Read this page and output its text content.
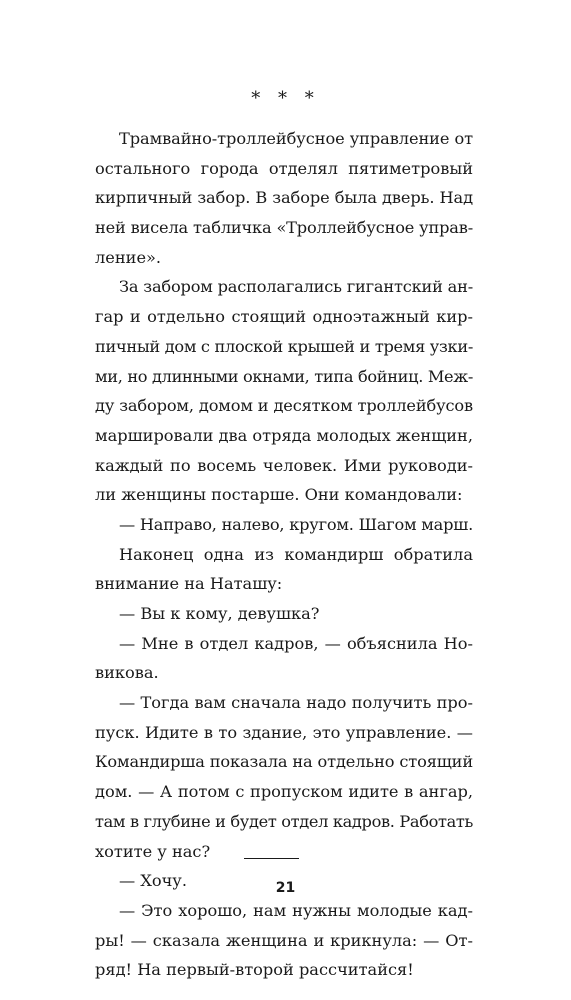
* * *
Трамвайно-троллейбусное управление от
остального города отделял пятиметровый
кирпичный забор. В заборе была дверь. Над
ней висела табличка «Троллейбусное управ-
ление».
За забором располагались гигантский ан-
гар и отдельно стоящий одноэтажный кир-
пичный дом с плоской крышей и тремя узки-
ми, но длинными окнами, типа бойниц. Меж-
ду забором, домом и десятком троллейбусов
маршировали два отряда молодых женщин,
каждый по восемь человек. Ими руководи-
ли женщины постарше. Они командовали:
— Направо, налево, кругом. Шагом марш.
Наконец одна из командирш обратила
внимание на Наташу:
— Вы к кому, девушка?
— Мне в отдел кадров, — объяснила Но-
викова.
— Тогда вам сначала надо получить про-
пуск. Идите в то здание, это управление. —
Командирша показала на отдельно стоящий
дом. — А потом с пропуском идите в ангар,
там в глубине и будет отдел кадров. Работать
хотите у нас?
— Хочу.
— Это хорошо, нам нужны молодые кад-
ры! — сказала женщина и крикнула: — От-
ряд! На первый-второй рассчитайся!
21
